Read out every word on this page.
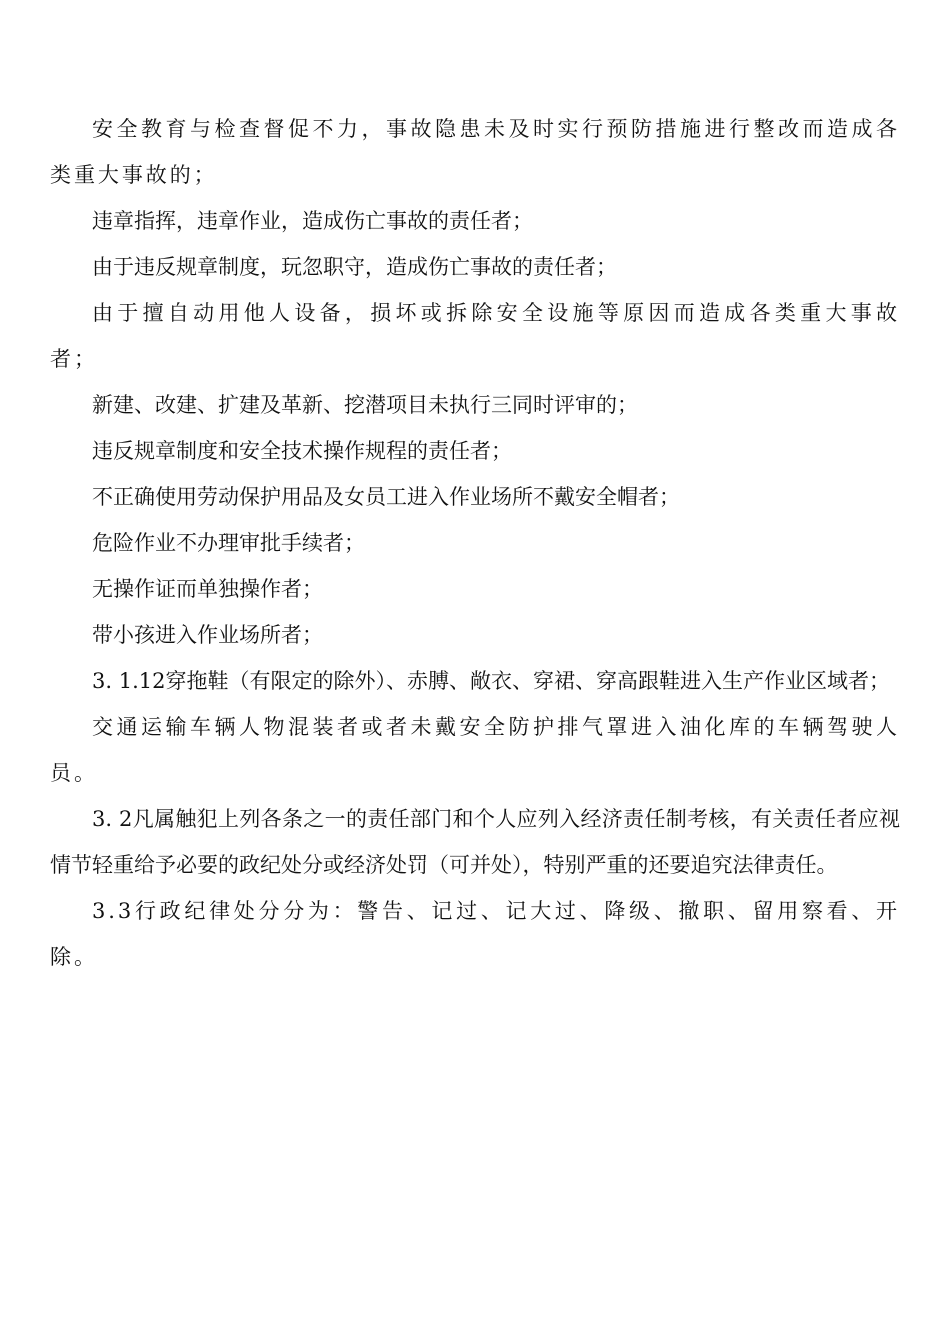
安全教育与检查督促不力，事故隐患未及时实行预防措施进行整改而造成各类重大事故的；

违章指挥，违章作业，造成伤亡事故的责任者；

由于违反规章制度，玩忽职守，造成伤亡事故的责任者；

由于擅自动用他人设备，损坏或拆除安全设施等原因而造成各类重大事故者；

新建、改建、扩建及革新、挖潜项目未执行三同时评审的；

违反规章制度和安全技术操作规程的责任者；

不正确使用劳动保护用品及女员工进入作业场所不戴安全帽者；

危险作业不办理审批手续者；

无操作证而单独操作者；

带小孩进入作业场所者；

3. 1.12穿拖鞋（有限定的除外）、赤膊、敞衣、穿裙、穿高跟鞋进入生产作业区域者；

交通运输车辆人物混装者或者未戴安全防护排气罩进入油化库的车辆驾驶人员。

3. 2凡属触犯上列各条之一的责任部门和个人应列入经济责任制考核，有关责任者应视情节轻重给予必要的政纪处分或经济处罚（可并处），特别严重的还要追究法律责任。

3.3行政纪律处分分为：警告、记过、记大过、降级、撤职、留用察看、开除。
